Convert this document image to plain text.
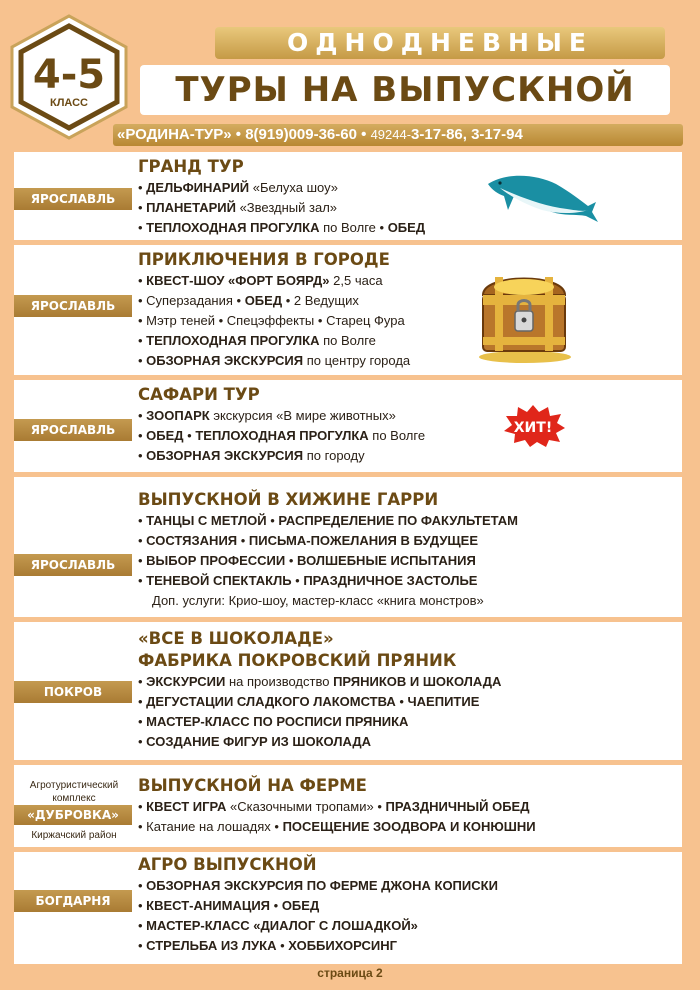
4-5
КЛАСС
ОДНОДНЕВНЫЕ
ТУРЫ НА ВЫПУСКНОЙ
«РОДИНА-ТУР» • 8(919)009-36-60 • 49244-3-17-86, 3-17-94
ЯРОСЛАВЛЬ
ГРАНД ТУР
• ДЕЛЬФИНАРИЙ «Белуха шоу»
• ПЛАНЕТАРИЙ «Звездный зал»
• ТЕПЛОХОДНАЯ ПРОГУЛКА по Волге • ОБЕД
ЯРОСЛАВЛЬ
ПРИКЛЮЧЕНИЯ В ГОРОДЕ
• КВЕСТ-ШОУ «ФОРТ БОЯРД» 2,5 часа
• Суперзадания • ОБЕД • 2 Ведущих
• Мэтр теней • Спецэффекты • Старец Фура
• ТЕПЛОХОДНАЯ ПРОГУЛКА по Волге
• ОБЗОРНАЯ ЭКСКУРСИЯ по центру города
ЯРОСЛАВЛЬ
САФАРИ ТУР
• ЗООПАРК экскурсия «В мире животных»
• ОБЕД • ТЕПЛОХОДНАЯ ПРОГУЛКА по Волге
• ОБЗОРНАЯ ЭКСКУРСИЯ по городу
ХИТ!
ЯРОСЛАВЛЬ
ВЫПУСКНОЙ В ХИЖИНЕ ГАРРИ
• ТАНЦЫ С МЕТЛОЙ • РАСПРЕДЕЛЕНИЕ ПО ФАКУЛЬТЕТАМ
• СОСТЯЗАНИЯ • ПИСЬМА-ПОЖЕЛАНИЯ В БУДУЩЕЕ
• ВЫБОР ПРОФЕССИИ • ВОЛШЕБНЫЕ ИСПЫТАНИЯ
• ТЕНЕВОЙ СПЕКТАКЛЬ • ПРАЗДНИЧНОЕ ЗАСТОЛЬЕ
Доп. услуги: Крио-шоу, мастер-класс «книга монстров»
ПОКРОВ
«ВСЕ В ШОКОЛАДЕ»
ФАБРИКА ПОКРОВСКИЙ ПРЯНИК
• ЭКСКУРСИИ на производство ПРЯНИКОВ И ШОКОЛАДА
• ДЕГУСТАЦИИ СЛАДКОГО ЛАКОМСТВА • ЧАЕПИТИЕ
• МАСТЕР-КЛАСС ПО РОСПИСИ ПРЯНИКА
• СОЗДАНИЕ ФИГУР ИЗ ШОКОЛАДА
Агротуристический
комплекс
«ДУБРОВКА»
Киржачский район
ВЫПУСКНОЙ НА ФЕРМЕ
• КВЕСТ ИГРА «Сказочными тропами» • ПРАЗДНИЧНЫЙ ОБЕД
• Катание на лошадях • ПОСЕЩЕНИЕ ЗООДВОРА И КОНЮШНИ
БОГДАРНЯ
АГРО ВЫПУСКНОЙ
• ОБЗОРНАЯ ЭКСКУРСИЯ ПО ФЕРМЕ ДЖОНА КОПИСКИ
• КВЕСТ-АНИМАЦИЯ • ОБЕД
• МАСТЕР-КЛАСС «ДИАЛОГ С ЛОШАДКОЙ»
• СТРЕЛЬБА ИЗ ЛУКА • ХОББИХОРСИНГ
страница 2
